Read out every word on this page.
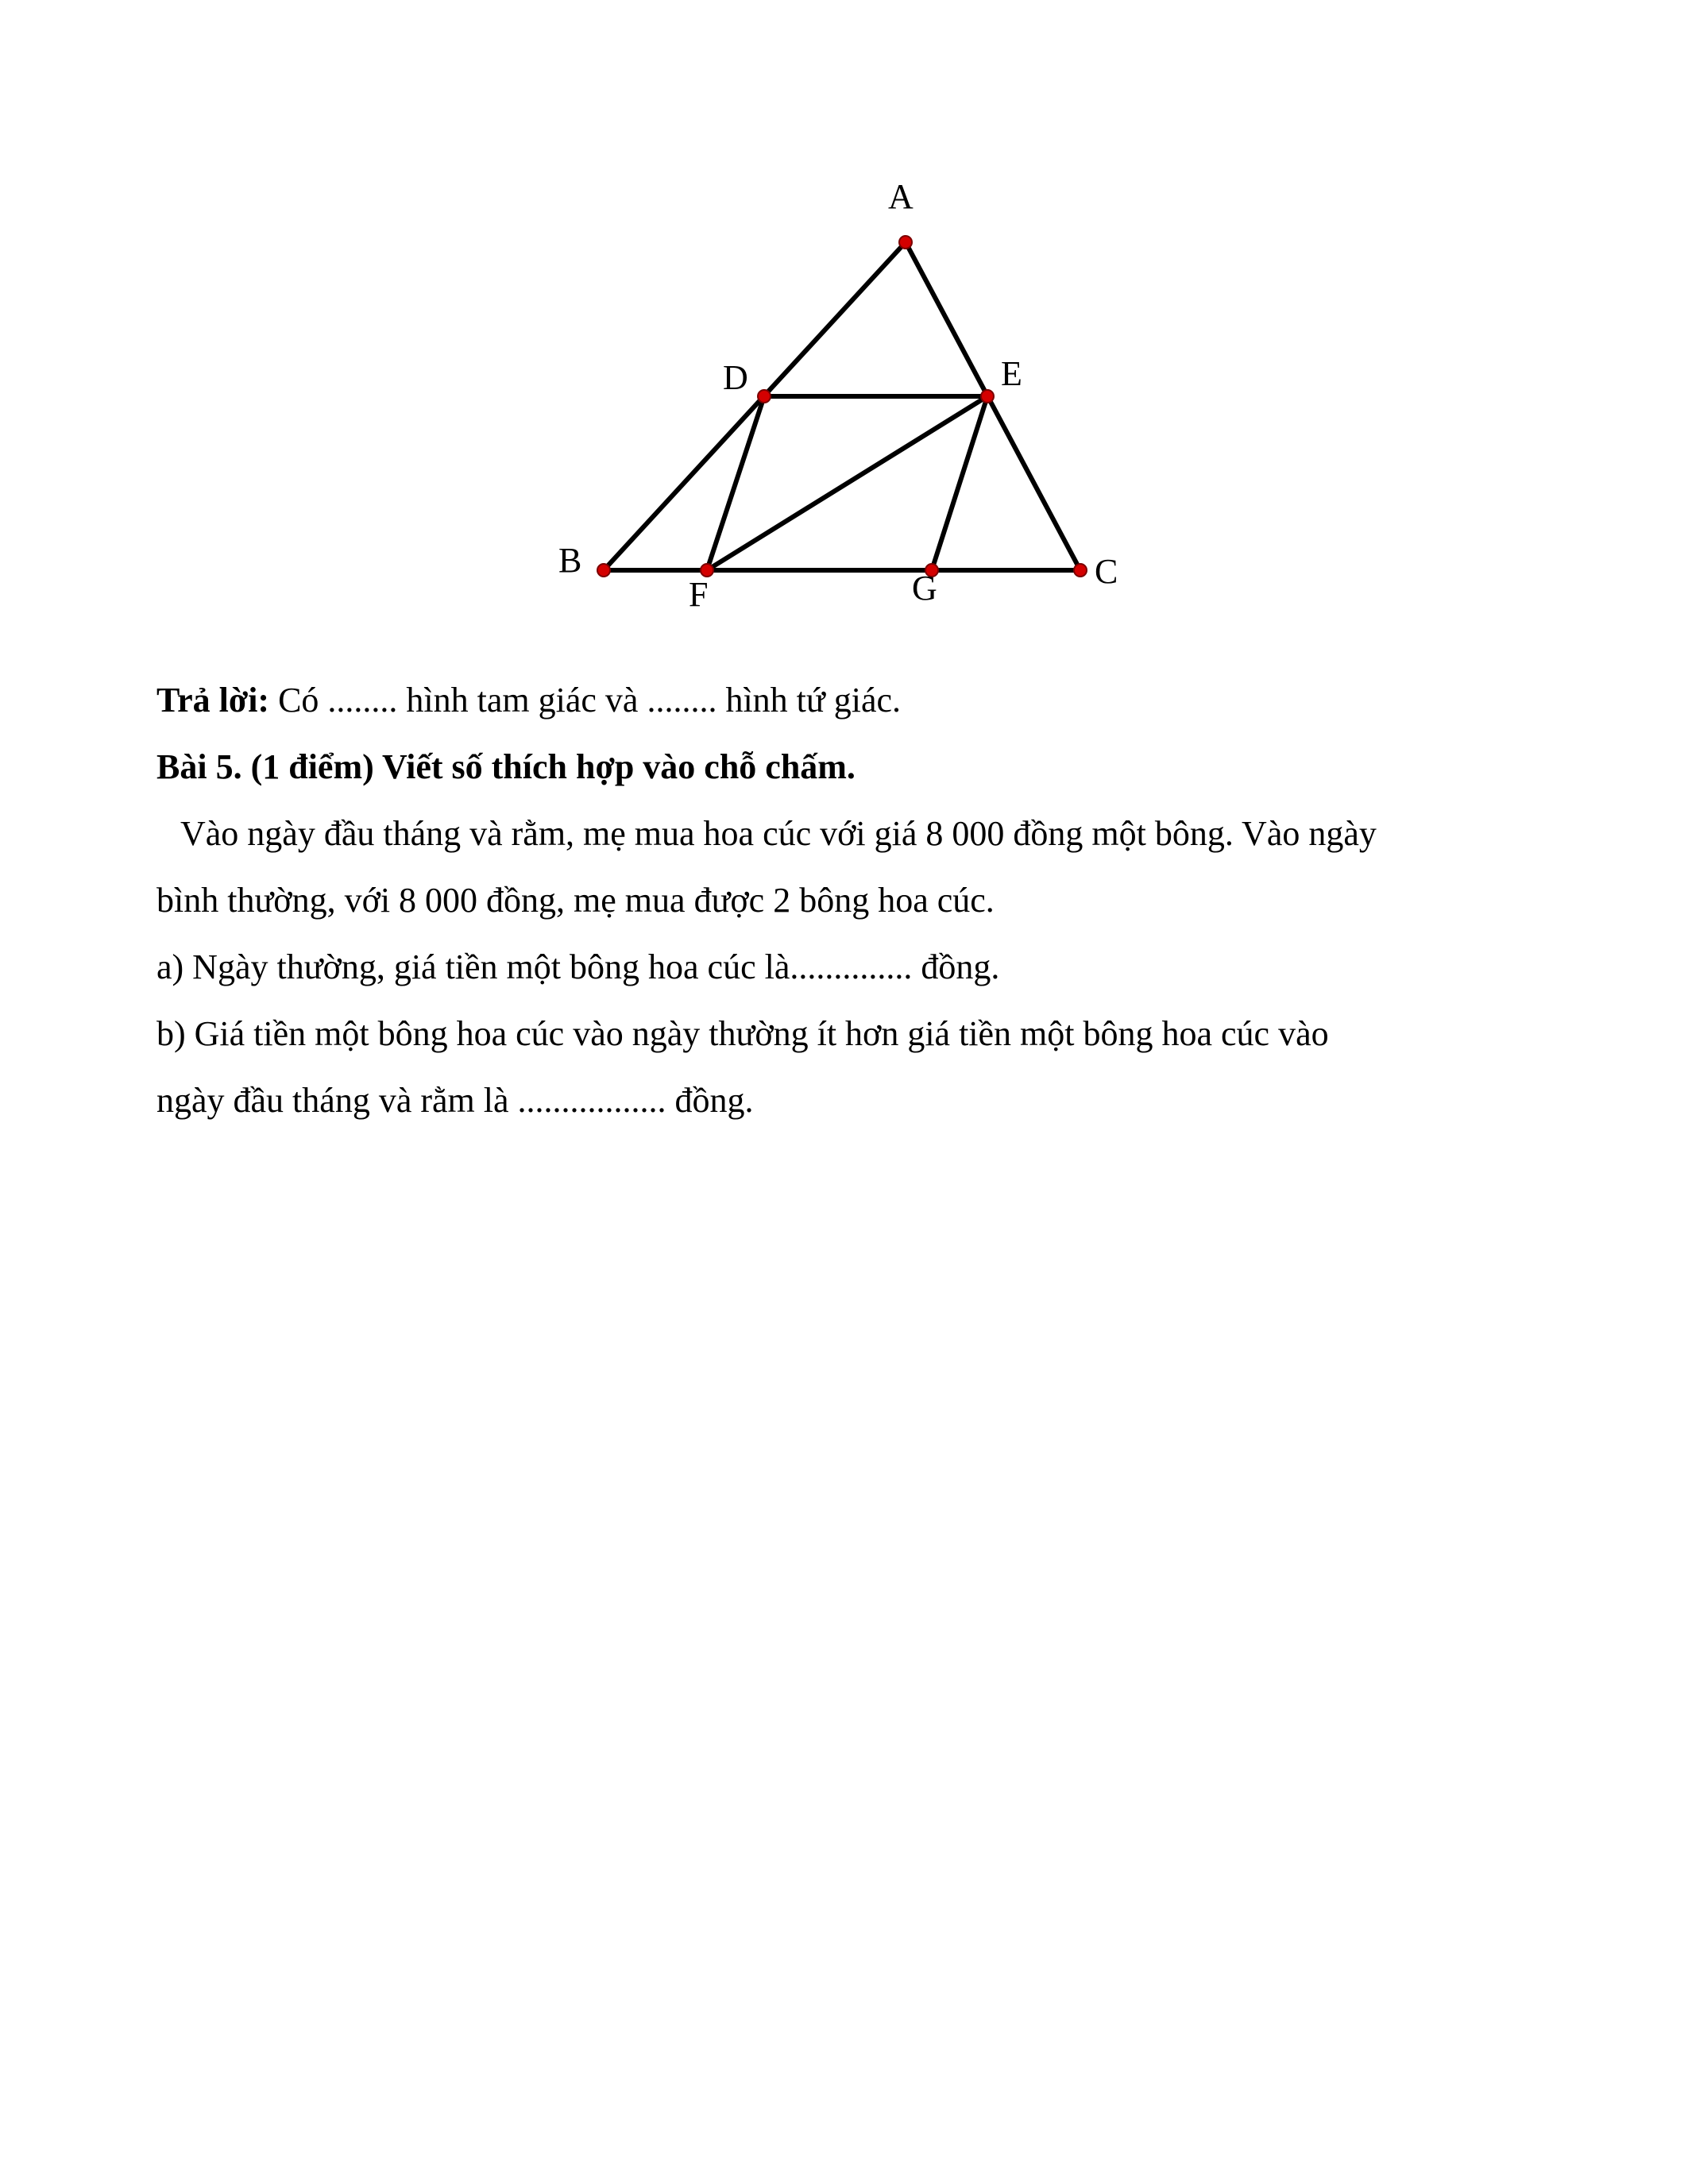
A
B	C
D	E
F	G

Trả lời: Có ........ hình tam giác và ........ hình tứ giác.

Bài 5. (1 điểm) Viết số thích hợp vào chỗ chấm.

Vào ngày đầu tháng và rằm, mẹ mua hoa cúc với giá 8 000 đồng một bông. Vào ngày

bình thường, với 8 000 đồng, mẹ mua được 2 bông hoa cúc.

a) Ngày thường, giá tiền một bông hoa cúc là.............. đồng.

b) Giá tiền một bông hoa cúc vào ngày thường ít hơn giá tiền một bông hoa cúc vào

ngày đầu tháng và rằm là ................. đồng.
